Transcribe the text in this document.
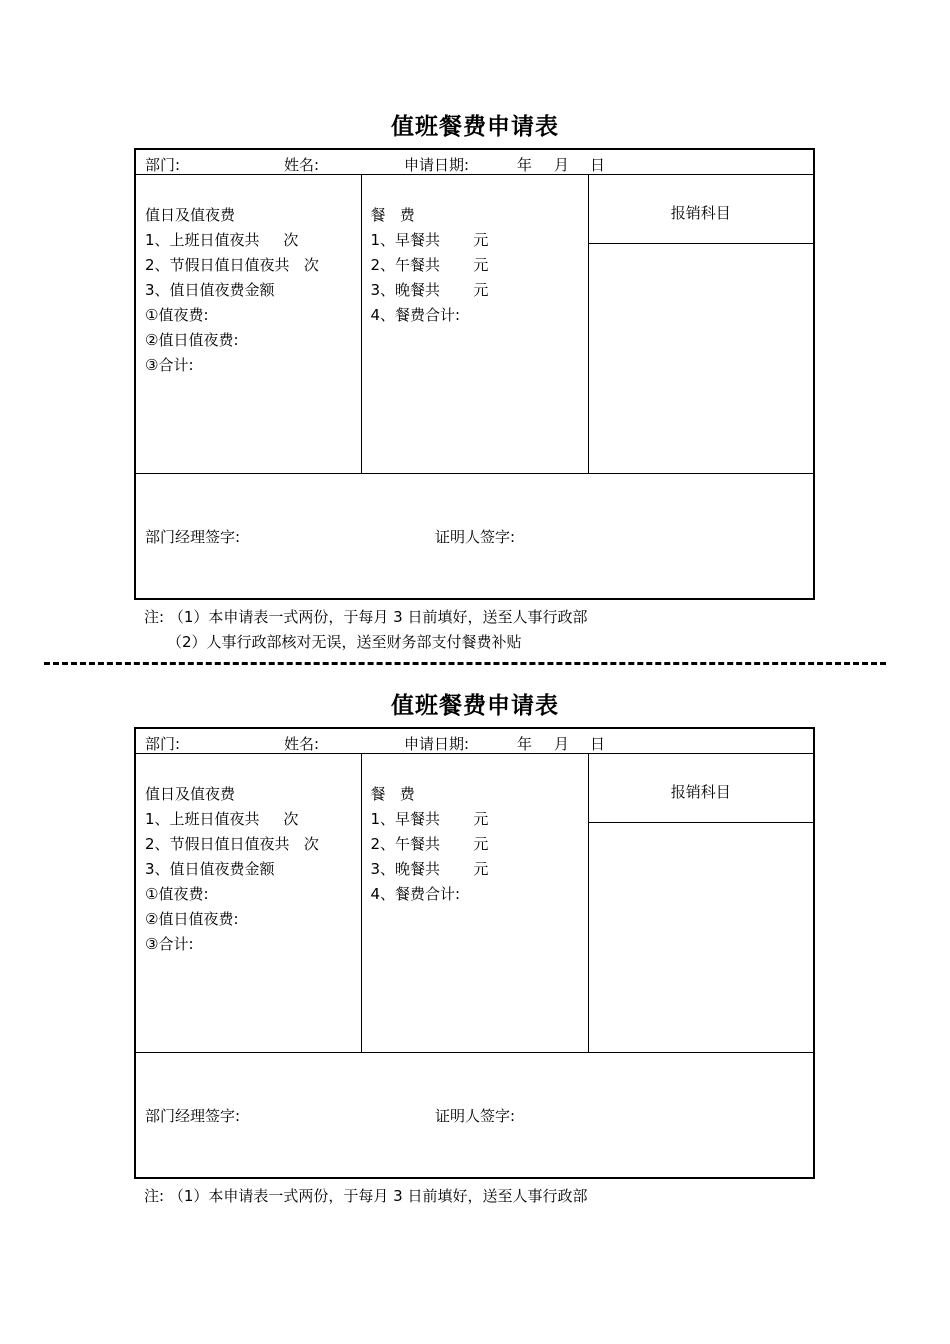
值班餐费申请表
部门:	姓名:	申请日期:	年 月 日

值日及值夜费
1、上班日值夜共     次
2、节假日值日值夜共   次
3、值日值夜费金额
①值夜费:
②值日值夜费:
③合计:

餐   费
1、早餐共       元
2、午餐共       元
3、晚餐共       元
4、餐费合计:

报销科目

部门经理签字:	证明人签字:
注: （1）本申请表一式两份，于每月 3 日前填好，送至人事行政部
（2）人事行政部核对无误，送至财务部支付餐费补贴
值班餐费申请表
部门:	姓名:	申请日期:	年 月 日

值日及值夜费
1、上班日值夜共     次
2、节假日值日值夜共   次
3、值日值夜费金额
①值夜费:
②值日值夜费:
③合计:

餐   费
1、早餐共       元
2、午餐共       元
3、晚餐共       元
4、餐费合计:

报销科目

部门经理签字:	证明人签字:
注: （1）本申请表一式两份，于每月 3 日前填好，送至人事行政部
